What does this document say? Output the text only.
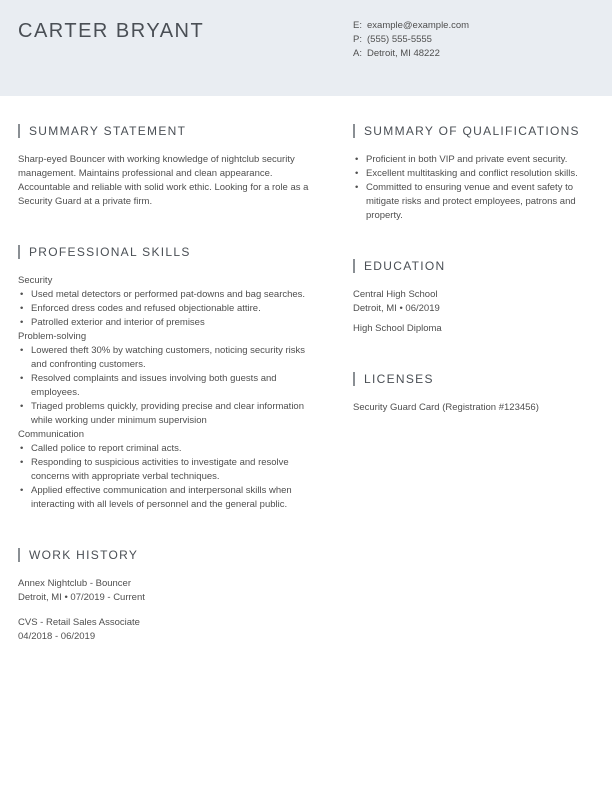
CARTER BRYANT	E: example@example.com
P: (555) 555-5555
A: Detroit, MI 48222
SUMMARY STATEMENT

Sharp-eyed Bouncer with working knowledge of nightclub security management. Maintains professional and clean appearance. Accountable and reliable with solid work ethic. Looking for a role as a Security Guard at a private firm.

PROFESSIONAL SKILLS

Security

• Used metal detectors or performed pat-downs and bag searches.
• Enforced dress codes and refused objectionable attire.
• Patrolled exterior and interior of premises

Problem-solving

• Lowered theft 30% by watching customers, noticing security risks and confronting customers.
• Resolved complaints and issues involving both guests and employees.
• Triaged problems quickly, providing precise and clear information while working under minimum supervision

Communication

• Called police to report criminal acts.
• Responding to suspicious activities to investigate and resolve concerns with appropriate verbal techniques.
• Applied effective communication and interpersonal skills when interacting with all levels of personnel and the general public.
WORK HISTORY
Annex Nightclub - Bouncer
Detroit, MI • 07/2019 - Current
CVS - Retail Sales Associate
04/2018 - 06/2019
SUMMARY OF QUALIFICATIONS
• Proficient in both VIP and private event security.
• Excellent multitasking and conflict resolution skills.
• Committed to ensuring venue and event safety to mitigate risks and protect employees, patrons and property.
EDUCATION
Central High School
Detroit, MI • 06/2019
High School Diploma
LICENSES

Security Guard Card (Registration #123456)
